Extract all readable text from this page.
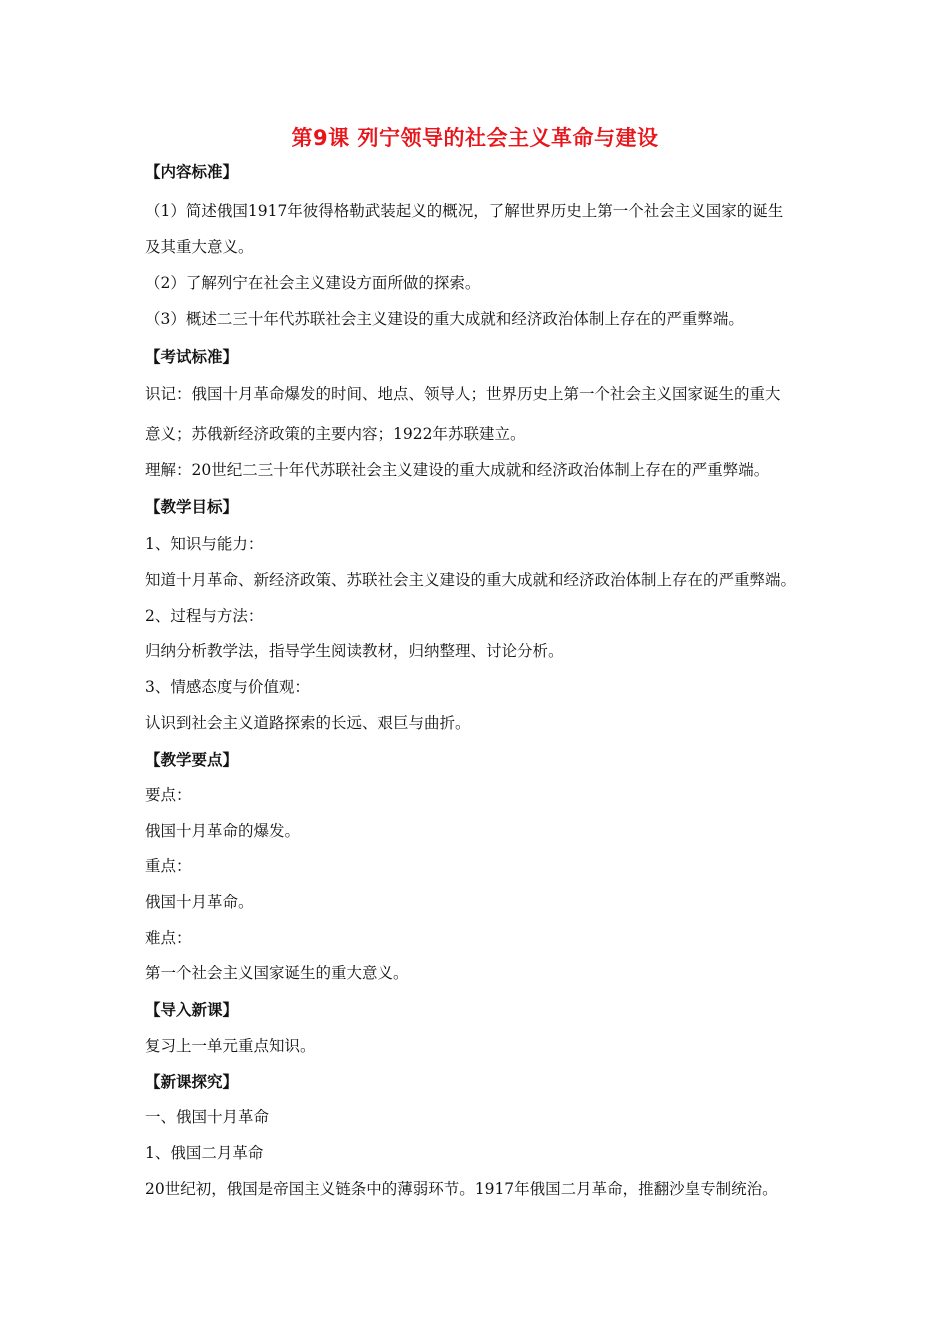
第9课 列宁领导的社会主义革命与建设
【内容标准】
（1）简述俄国1917年彼得格勒武装起义的概况，了解世界历史上第一个社会主义国家的诞生
及其重大意义。
（2）了解列宁在社会主义建设方面所做的探索。
（3）概述二三十年代苏联社会主义建设的重大成就和经济政治体制上存在的严重弊端。
【考试标准】
识记：俄国十月革命爆发的时间、地点、领导人；世界历史上第一个社会主义国家诞生的重大
意义；苏俄新经济政策的主要内容；1922年苏联建立。
理解：20世纪二三十年代苏联社会主义建设的重大成就和经济政治体制上存在的严重弊端。
【教学目标】
1、知识与能力：
知道十月革命、新经济政策、苏联社会主义建设的重大成就和经济政治体制上存在的严重弊端。
2、过程与方法：
归纳分析教学法，指导学生阅读教材，归纳整理、讨论分析。
3、情感态度与价值观：
认识到社会主义道路探索的长远、艰巨与曲折。
【教学要点】
要点：
俄国十月革命的爆发。
重点：
俄国十月革命。
难点：
第一个社会主义国家诞生的重大意义。
【导入新课】
复习上一单元重点知识。
【新课探究】
一、俄国十月革命
1、俄国二月革命
20世纪初，俄国是帝国主义链条中的薄弱环节。1917年俄国二月革命，推翻沙皇专制统治。
